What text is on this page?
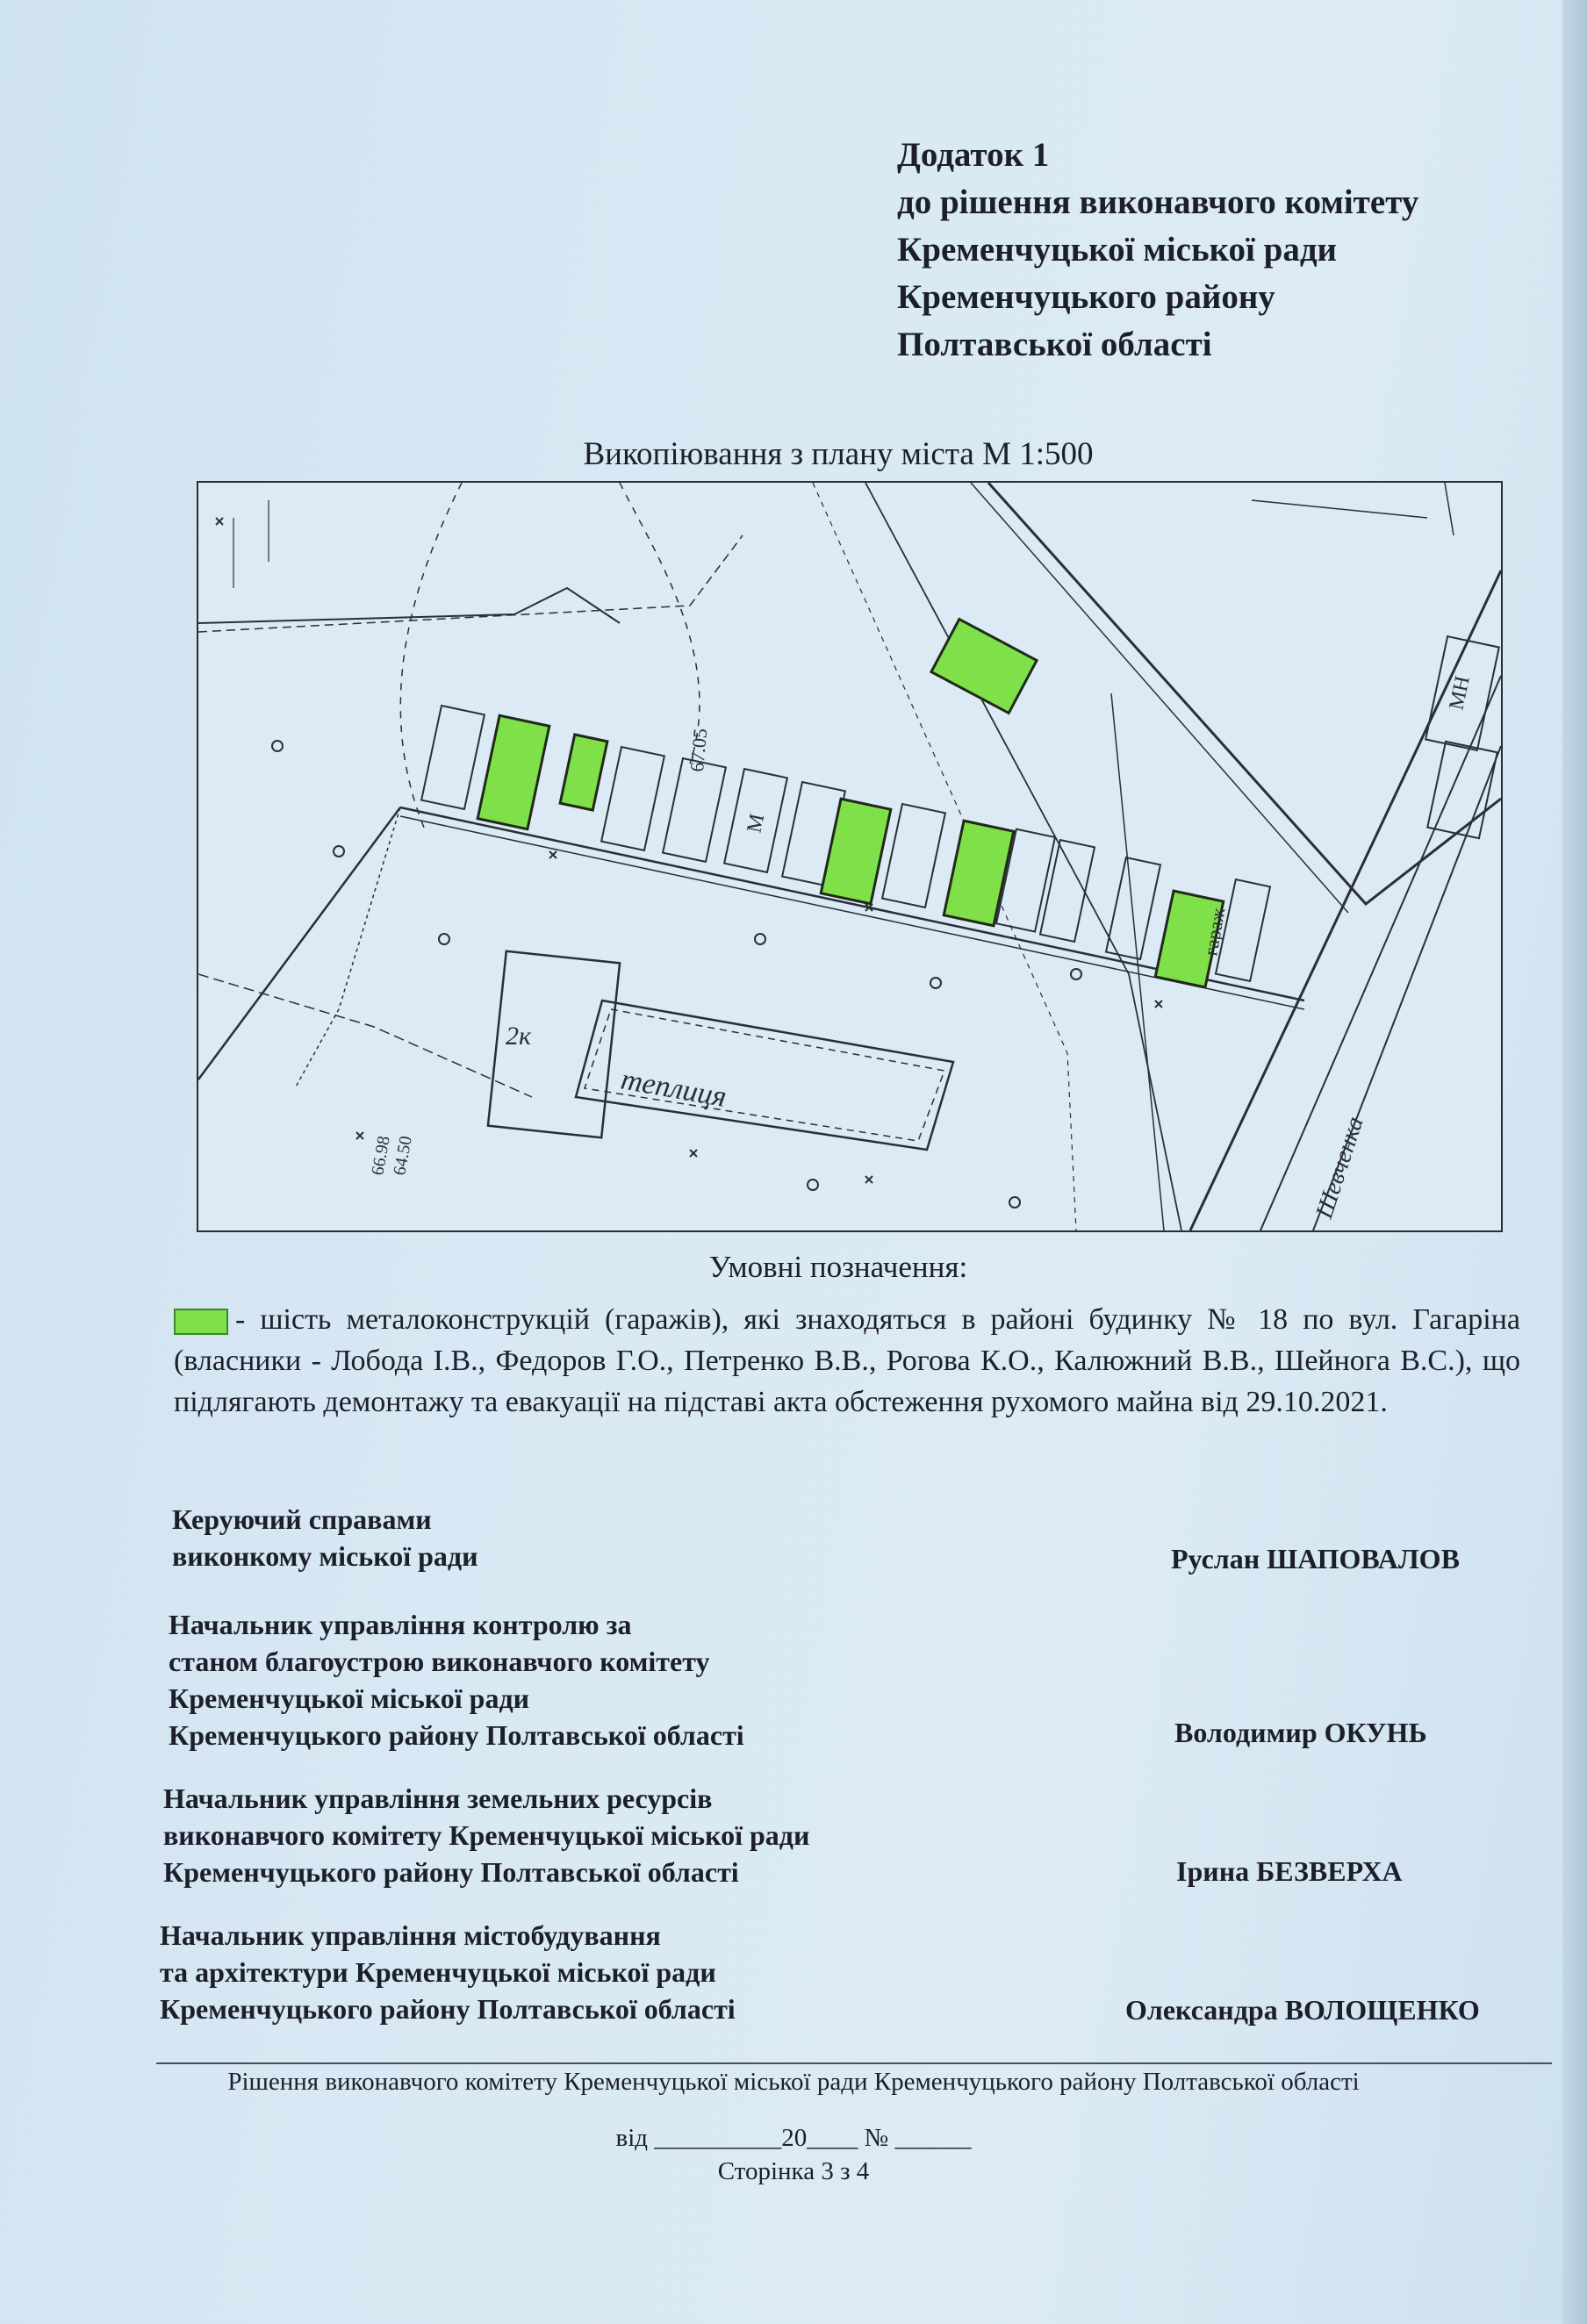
Додаток 1
до рішення виконавчого комітету
Кременчуцької міської ради
Кременчуцького району
Полтавської області
Викопіювання з плану міста М 1:500
2к
теплиця
67.05
66.98
64.50	Шевченка
гараж
МН
М
Умовні позначення:
- шість металоконструкцій (гаражів), які знаходяться в районі будинку № 18 по вул. Гагаріна (власники - Лобода І.В., Федоров Г.О., Петренко В.В., Рогова К.О., Калюжний В.В., Шейнога В.С.), що підлягають демонтажу та евакуації на підставі акта обстеження рухомого майна від 29.10.2021.
Керуючий справами
виконкому міської ради	Руслан ШАПОВАЛОВ
Начальник управління контролю за
станом благоустрою виконавчого комітету
Кременчуцької міської ради
Кременчуцького району Полтавської області	Володимир ОКУНЬ
Начальник управління земельних ресурсів
виконавчого комітету Кременчуцької міської ради
Кременчуцького району Полтавської області	Ірина БЕЗВЕРХА
Начальник управління містобудування
та архітектури Кременчуцької міської ради
Кременчуцького району Полтавської області	Олександра ВОЛОЩЕНКО
Рішення виконавчого комітету Кременчуцької міської ради Кременчуцького району Полтавської області
від __________20____ № ______
Сторінка 3 з 4
